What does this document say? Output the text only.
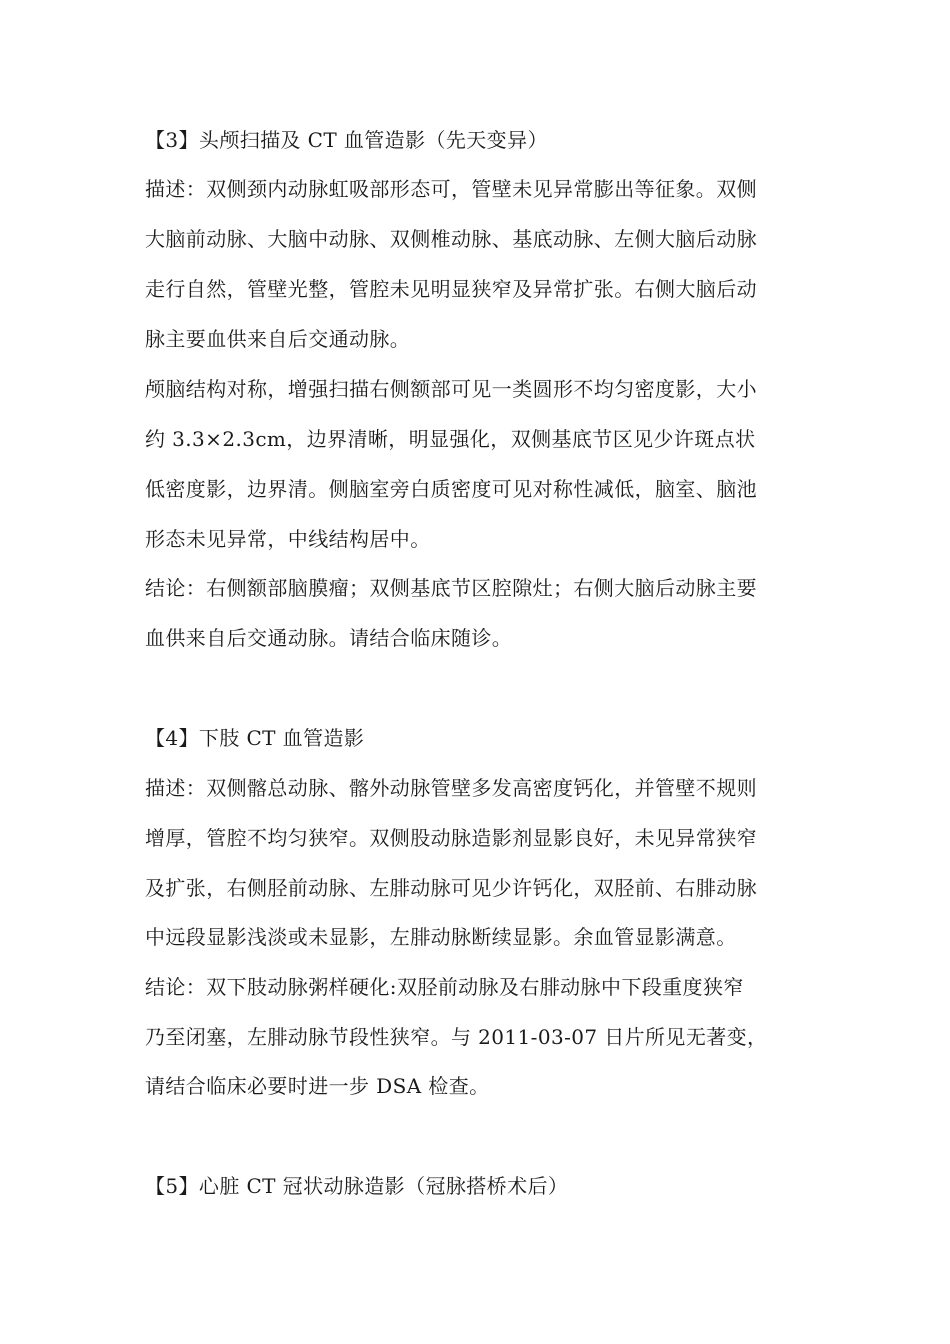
【3】头颅扫描及 CT 血管造影（先天变异）
描述：双侧颈内动脉虹吸部形态可，管壁未见异常膨出等征象。双侧
大脑前动脉、大脑中动脉、双侧椎动脉、基底动脉、左侧大脑后动脉
走行自然，管壁光整，管腔未见明显狭窄及异常扩张。右侧大脑后动
脉主要血供来自后交通动脉。
颅脑结构对称，增强扫描右侧额部可见一类圆形不均匀密度影，大小
约 3.3×2.3cm，边界清晰，明显强化，双侧基底节区见少许斑点状
低密度影，边界清。侧脑室旁白质密度可见对称性减低，脑室、脑池
形态未见异常，中线结构居中。
结论：右侧额部脑膜瘤；双侧基底节区腔隙灶；右侧大脑后动脉主要
血供来自后交通动脉。请结合临床随诊。
【4】下肢 CT 血管造影
描述：双侧髂总动脉、髂外动脉管壁多发高密度钙化，并管壁不规则
增厚，管腔不均匀狭窄。双侧股动脉造影剂显影良好，未见异常狭窄
及扩张，右侧胫前动脉、左腓动脉可见少许钙化，双胫前、右腓动脉
中远段显影浅淡或未显影，左腓动脉断续显影。余血管显影满意。
结论：双下肢动脉粥样硬化:双胫前动脉及右腓动脉中下段重度狭窄
乃至闭塞，左腓动脉节段性狭窄。与 2011-03-07 日片所见无著变，
请结合临床必要时进一步 DSA 检查。
【5】心脏 CT 冠状动脉造影（冠脉搭桥术后）
